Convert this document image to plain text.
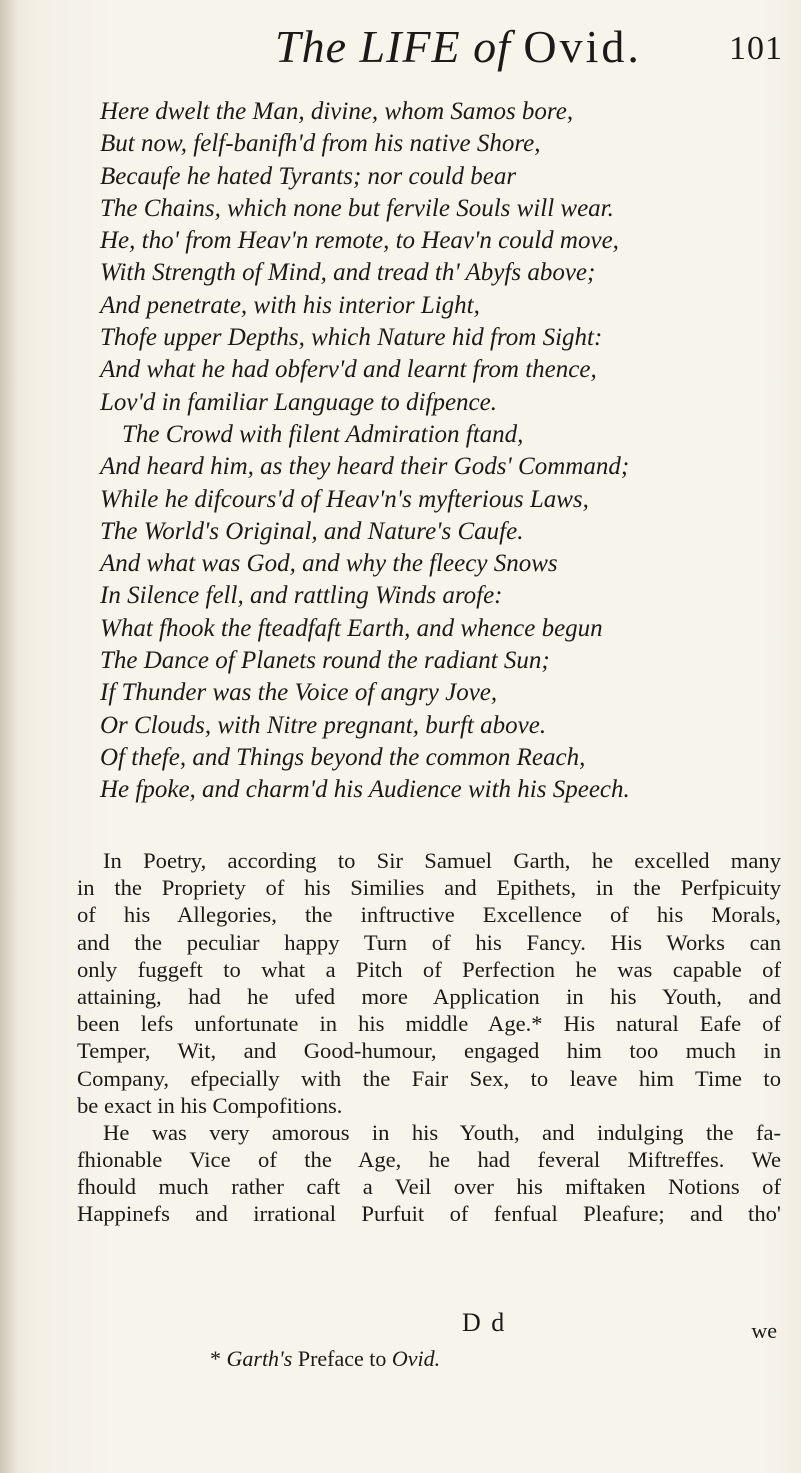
The LIFE of Ovid.	101
Here dwelt the Man, divine, whom Samos bore,
But now, felf-banifh'd from his native Shore,
Becaufe he hated Tyrants; nor could bear
The Chains, which none but fervile Souls will wear.
He, tho' from Heav'n remote, to Heav'n could move,
With Strength of Mind, and tread th' Abyfs above;
And penetrate, with his interior Light,
Thofe upper Depths, which Nature hid from Sight:
And what he had obferv'd and learnt from thence,
Lov'd in familiar Language to difpence.
The Crowd with filent Admiration ftand,
And heard him, as they heard their Gods' Command;
While he difcours'd of Heav'n's myfterious Laws,
The World's Original, and Nature's Caufe.
And what was God, and why the fleecy Snows
In Silence fell, and rattling Winds arofe:
What fhook the fteadfaft Earth, and whence begun
The Dance of Planets round the radiant Sun;
If Thunder was the Voice of angry Jove,
Or Clouds, with Nitre pregnant, burft above.
Of thefe, and Things beyond the common Reach,
He fpoke, and charm'd his Audience with his Speech.
In Poetry, according to Sir Samuel Garth, he excelled many
in the Propriety of his Similies and Epithets, in the Perfpicuity
of his Allegories, the inftructive Excellence of his Morals,
and the peculiar happy Turn of his Fancy. His Works can
only fuggeft to what a Pitch of Perfection he was capable of
attaining, had he ufed more Application in his Youth, and
been lefs unfortunate in his middle Age.* His natural Eafe of
Temper, Wit, and Good-humour, engaged him too much in
Company, efpecially with the Fair Sex, to leave him Time to
be exact in his Compofitions.
He was very amorous in his Youth, and indulging the fa-
fhionable Vice of the Age, he had feveral Miftreffes. We
fhould much rather caft a Veil over his miftaken Notions of
Happinefs and irrational Purfuit of fenfual Pleafure; and tho'
D d	we
* Garth's Preface to Ovid.
